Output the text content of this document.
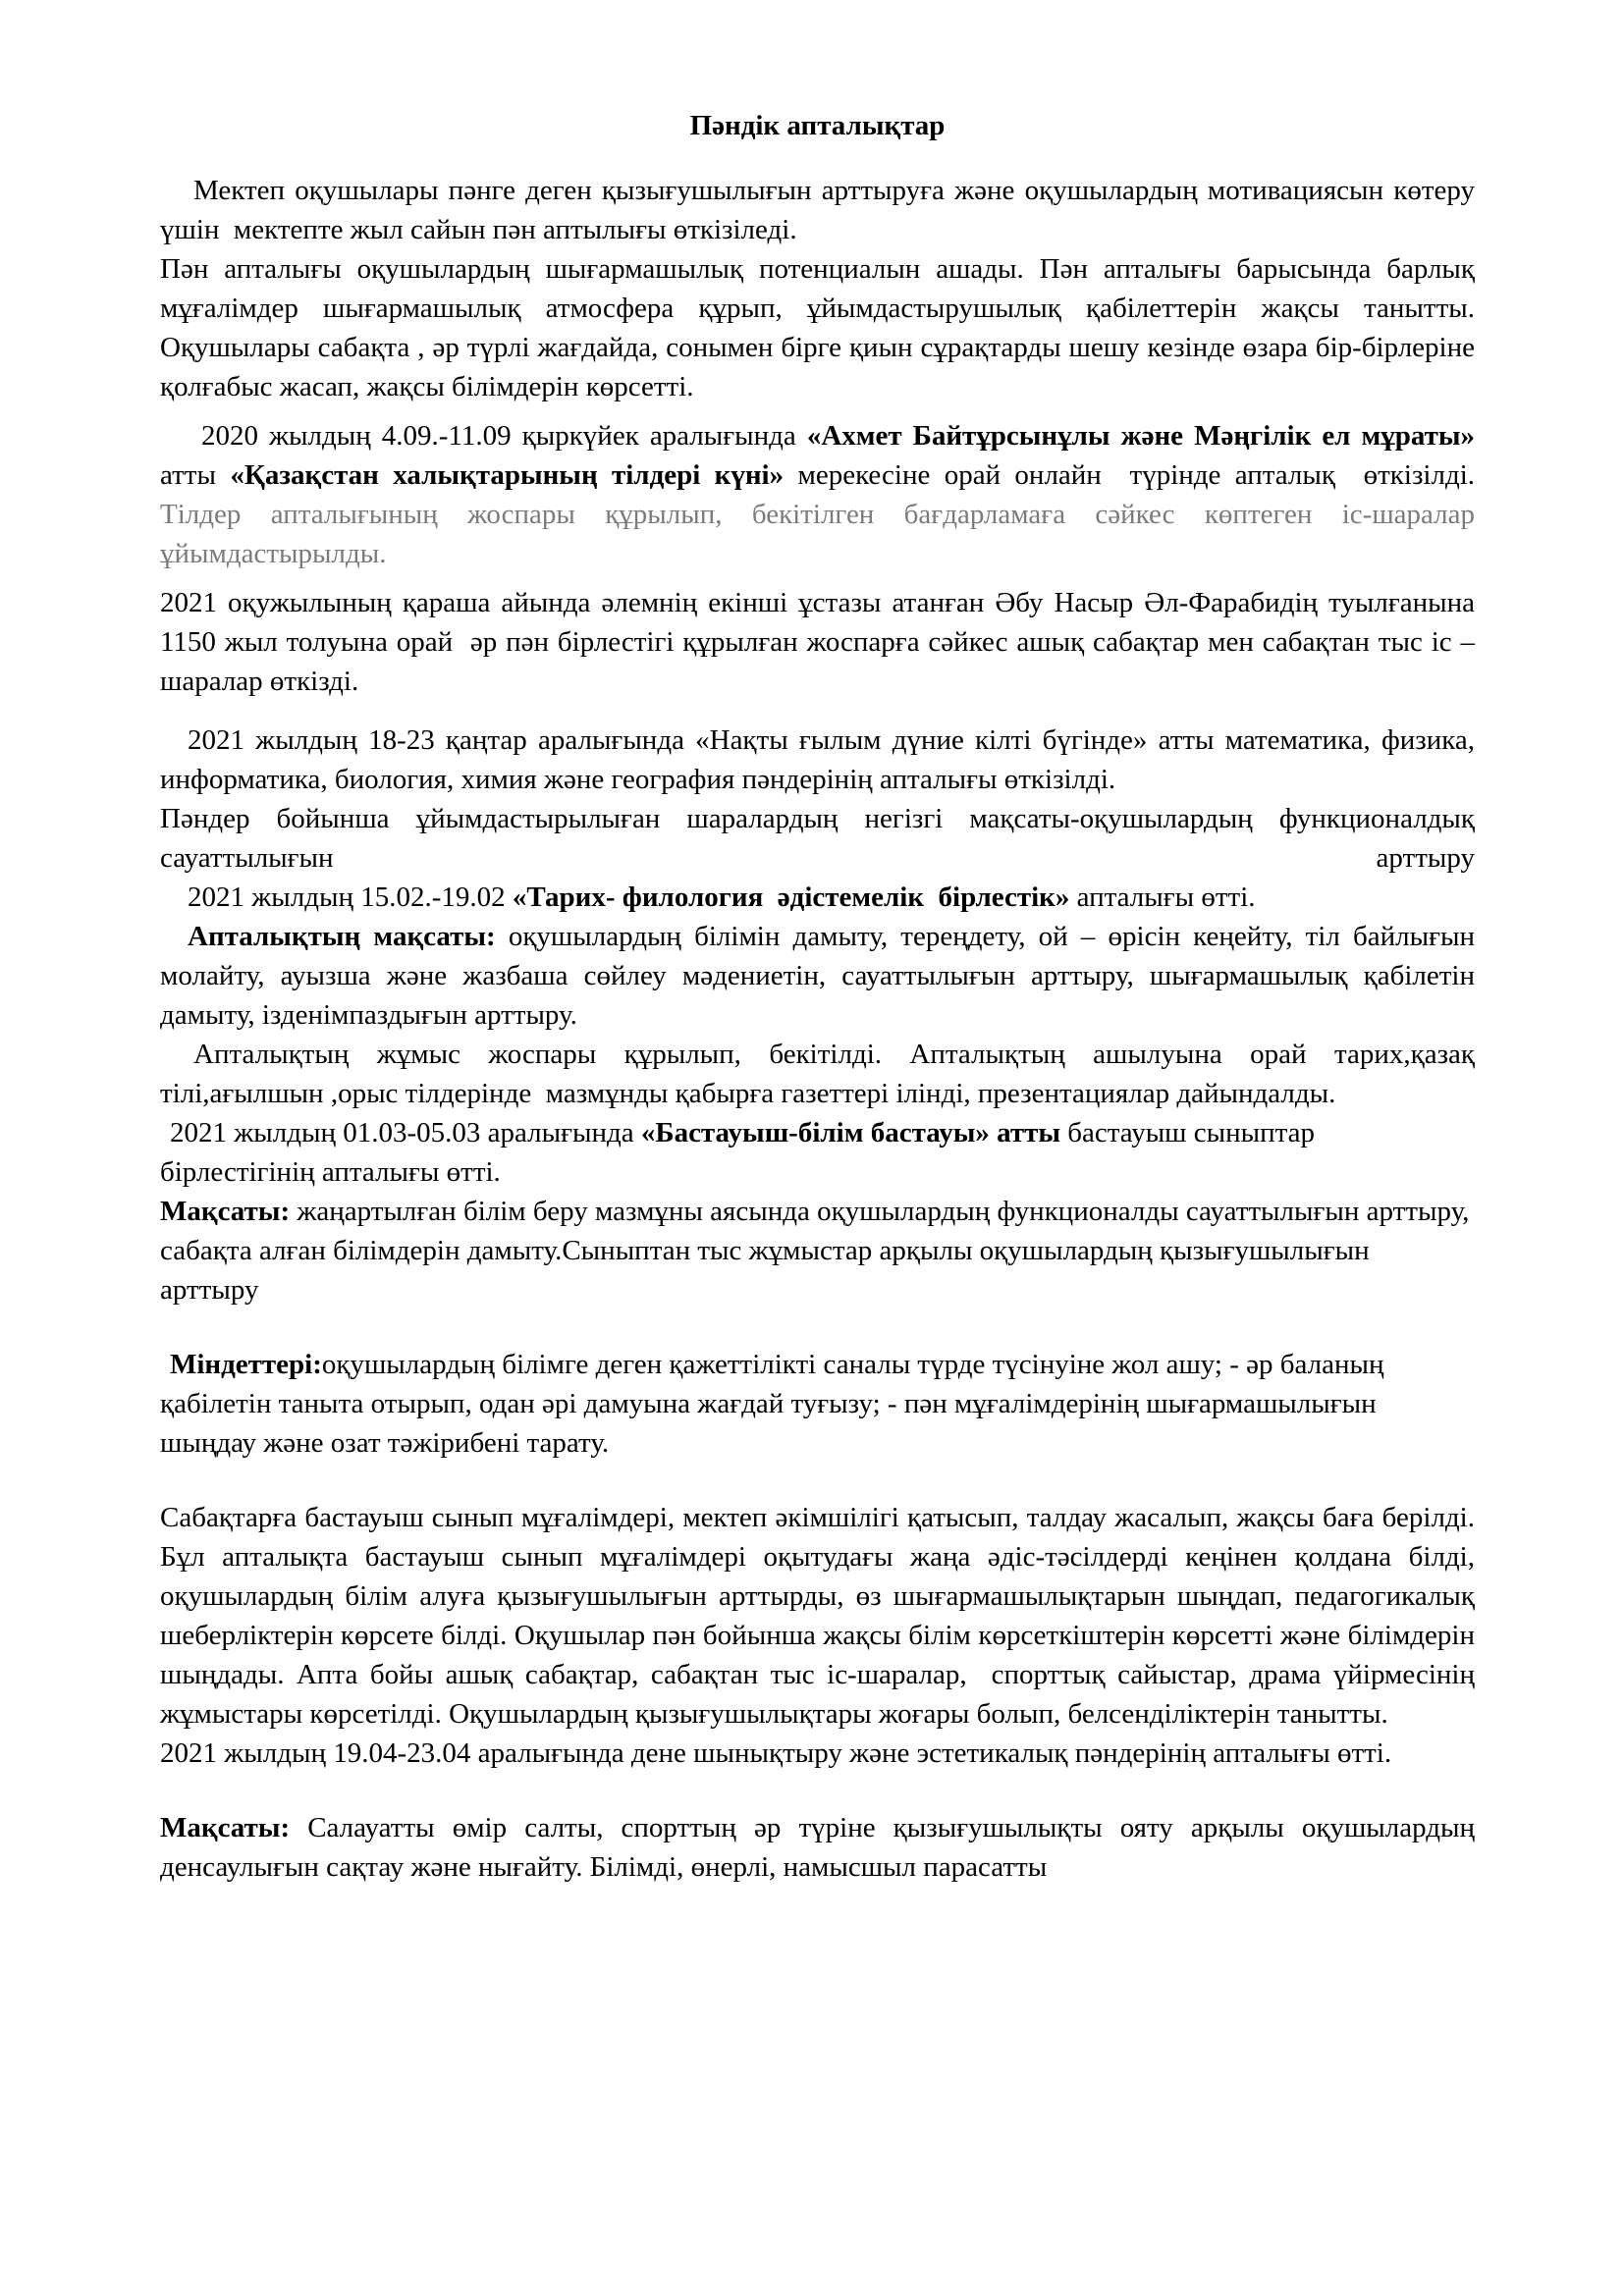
Пәндік апталықтар

Мектеп оқушылары пәнге деген қызығушылығын арттыруға және оқушылардың мотивациясын көтеру үшін  мектепте жыл сайын пән аптылығы өткізіледі.

Пән апталығы оқушылардың шығармашылық потенциалын ашады. Пән апталығы барысында барлық мұғалімдер шығармашылық атмосфера құрып, ұйымдастырушылық қабілеттерін жақсы танытты. Оқушылары сабақта , әр түрлі жағдайда, сонымен бірге қиын сұрақтарды шешу кезінде өзара бір-бірлеріне қолғабыс жасап, жақсы білімдерін көрсетті.

2020 жылдың 4.09.-11.09 қыркүйек аралығында «Ахмет Байтұрсынұлы және Мәңгілік ел мұраты» атты «Қазақстан халықтарының тілдері күні» мерекесіне орай онлайн  түрінде апталық  өткізілді. Тілдер апталығының жоспары құрылып, бекітілген бағдарламаға сәйкес көптеген іс-шаралар ұйымдастырылды.

2021 оқужылының қараша айында әлемнің екінші ұстазы атанған Әбу Насыр Әл-Фарабидің туылғанына 1150 жыл толуына орай  әр пән бірлестігі құрылған жоспарға сәйкес ашық сабақтар мен сабақтан тыс іс –шаралар өткізді.

2021 жылдың 18-23 қаңтар аралығында «Нақты ғылым дүние кілті бүгінде» атты математика, физика, информатика, биология, химия және география пәндерінің апталығы өткізілді.

Пәндер бойынша ұйымдастырылыған шаралардың негізгі мақсаты-оқушылардың функционалдық сауаттылығын арттыру

2021 жылдың 15.02.-19.02 «Тарих- филология  әдістемелік  бірлестік» апталығы өтті.

Апталықтың мақсаты: оқушылардың білімін дамыту, тереңдету, ой – өрісін кеңейту, тіл байлығын молайту, ауызша және жазбаша сөйлеу мәдениетін, сауаттылығын арттыру, шығармашылық қабілетін дамыту, ізденімпаздығын арттыру.

Апталықтың жұмыс жоспары құрылып, бекітілді. Апталықтың ашылуына орай тарих,қазақ тілі,ағылшын ,орыс тілдерінде  мазмұнды қабырға газеттері ілінді, презентациялар дайындалды.

2021 жылдың 01.03-05.03 аралығында «Бастауыш-білім бастауы» атты бастауыш сыныптар бірлестігінің апталығы өтті.

Мақсаты: жаңартылған білім беру мазмұны аясында оқушылардың функционалды сауаттылығын арттыру, сабақта алған білімдерін дамыту.Сыныптан тыс жұмыстар арқылы оқушылардың қызығушылығын арттыру

Міндеттері:оқушылардың білімге деген қажеттілікті саналы түрде түсінуіне жол ашу; - әр баланың қабілетін таныта отырып, одан әрі дамуына жағдай туғызу; - пән мұғалімдерінің шығармашылығын шыңдау және озат тәжірибені тарату.

Сабақтарға бастауыш сынып мұғалімдері, мектеп әкімшілігі қатысып, талдау жасалып, жақсы баға берілді.  Бұл апталықта бастауыш сынып мұғалімдері оқытудағы жаңа әдіс-тәсілдерді кеңінен қолдана білді, оқушылардың білім алуға қызығушылығын арттырды, өз шығармашылықтарын шыңдап, педагогикалық шеберліктерін көрсете білді. Оқушылар пән бойынша жақсы білім көрсеткіштерін көрсетті және білімдерін шыңдады. Апта бойы ашық сабақтар, сабақтан тыс іс-шаралар,  спорттық сайыстар, драма үйірмесінің жұмыстары көрсетілді. Оқушылардың қызығушылықтары жоғары болып, белсенділіктерін танытты.

2021 жылдың 19.04-23.04 аралығында дене шынықтыру және эстетикалық пәндерінің апталығы өтті.

Мақсаты: Салауатты өмір салты, спорттың әр түріне қызығушылықты ояту арқылы оқушылардың денсаулығын сақтау және нығайту. Білімді, өнерлі, намысшыл парасатты
